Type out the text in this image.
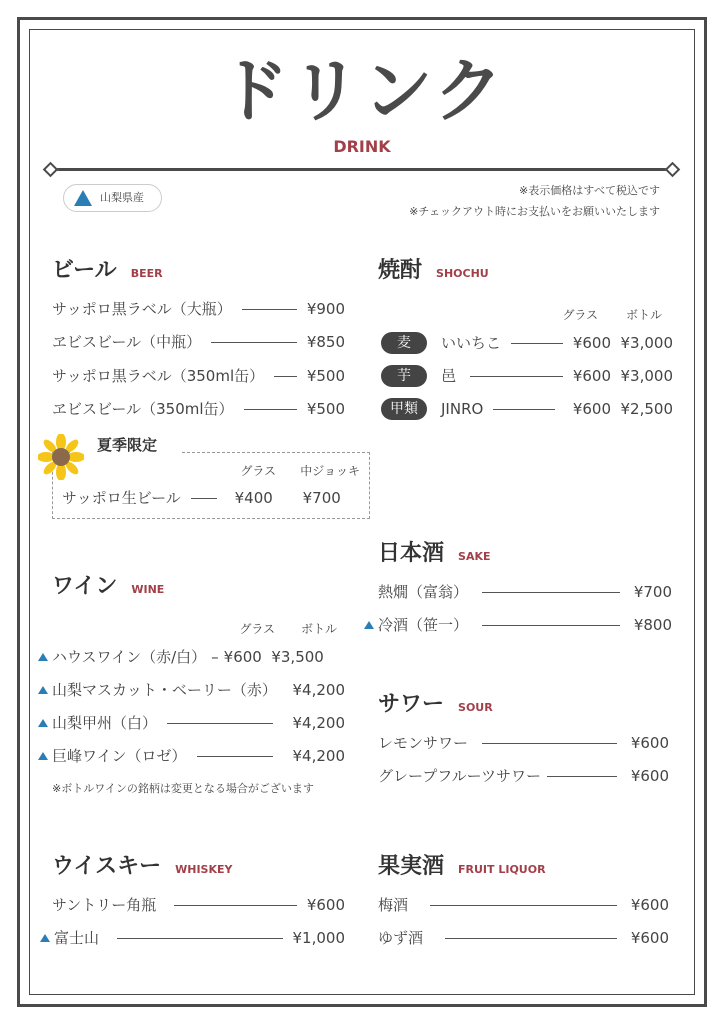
ドリンク
DRINK
山梨県産
※表示価格はすべて税込です
※チェックアウト時にお支払いをお願いいたします
ビール BEER
サッポロ黒ラベル（大瓶）	¥900
ヱビスビール（中瓶）	¥850
サッポロ黒ラベル（350ml缶）	¥500
ヱビスビール（350ml缶）	¥500
夏季限定
グラス	中ジョッキ
サッポロ生ビール	¥400	¥700
ワイン WINE
グラス	ボトル
ハウスワイン（赤/白） – ¥600 ¥3,500
山梨マスカット・ベーリー（赤）	¥4,200
山梨甲州（白）	¥4,200
巨峰ワイン（ロゼ）	¥4,200
※ボトルワインの銘柄は変更となる場合がございます
ウイスキー WHISKEY
サントリー角瓶	¥600
富士山	¥1,000
焼酎 SHOCHU
グラス	ボトル
麦	いいちこ	¥600 ¥3,000
芋	邑	¥600 ¥3,000
甲類	JINRO	¥600 ¥2,500
日本酒 SAKE
熱燗（富翁）	¥700
冷酒（笹一）	¥800
サワー SOUR
レモンサワー	¥600
グレープフルーツサワー	¥600
果実酒 FRUIT LIQUOR
梅酒	¥600
ゆず酒	¥600
